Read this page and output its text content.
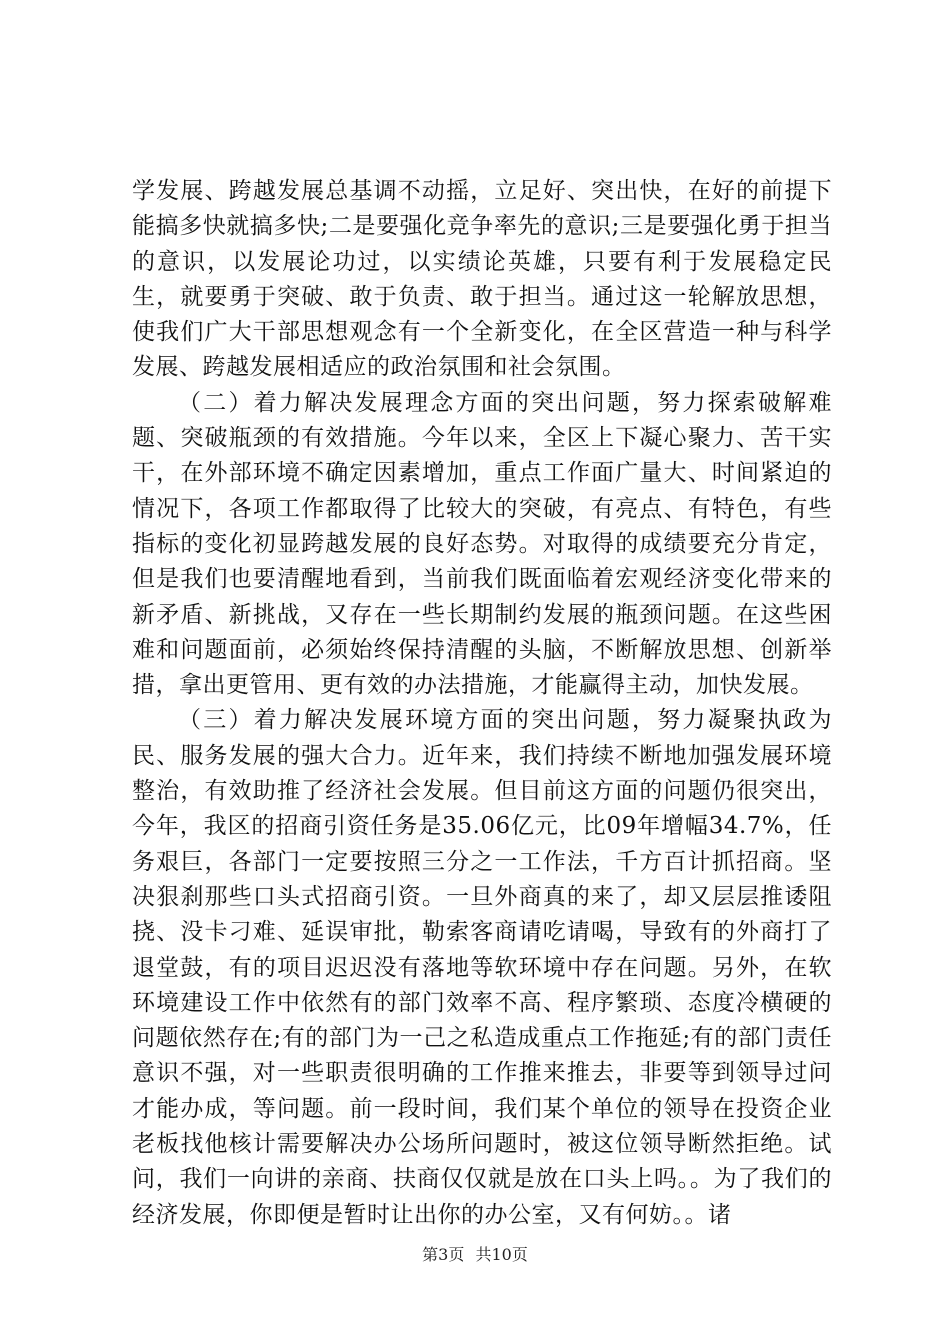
学发展、跨越发展总基调不动摇，立足好、突出快，在好的前提下能搞多快就搞多快;二是要强化竞争率先的意识;三是要强化勇于担当的意识，以发展论功过，以实绩论英雄，只要有利于发展稳定民生，就要勇于突破、敢于负责、敢于担当。通过这一轮解放思想，使我们广大干部思想观念有一个全新变化，在全区营造一种与科学发展、跨越发展相适应的政治氛围和社会氛围。

（二）着力解决发展理念方面的突出问题，努力探索破解难题、突破瓶颈的有效措施。今年以来，全区上下凝心聚力、苦干实干，在外部环境不确定因素增加，重点工作面广量大、时间紧迫的情况下，各项工作都取得了比较大的突破，有亮点、有特色，有些指标的变化初显跨越发展的良好态势。对取得的成绩要充分肯定，但是我们也要清醒地看到，当前我们既面临着宏观经济变化带来的新矛盾、新挑战，又存在一些长期制约发展的瓶颈问题。在这些困难和问题面前，必须始终保持清醒的头脑，不断解放思想、创新举措，拿出更管用、更有效的办法措施，才能赢得主动，加快发展。

（三）着力解决发展环境方面的突出问题，努力凝聚执政为民、服务发展的强大合力。近年来，我们持续不断地加强发展环境整治，有效助推了经济社会发展。但目前这方面的问题仍很突出，今年，我区的招商引资任务是35.06亿元，比09年增幅34.7%，任务艰巨，各部门一定要按照三分之一工作法，千方百计抓招商。坚决狠刹那些口头式招商引资。一旦外商真的来了，却又层层推诿阻挠、没卡刁难、延误审批，勒索客商请吃请喝，导致有的外商打了退堂鼓，有的项目迟迟没有落地等软环境中存在问题。另外，在软环境建设工作中依然有的部门效率不高、程序繁琐、态度冷横硬的问题依然存在;有的部门为一己之私造成重点工作拖延;有的部门责任意识不强，对一些职责很明确的工作推来推去，非要等到领导过问才能办成，等问题。前一段时间，我们某个单位的领导在投资企业老板找他核计需要解决办公场所问题时，被这位领导断然拒绝。试问，我们一向讲的亲商、扶商仅仅就是放在口头上吗。。为了我们的经济发展，你即便是暂时让出你的办公室，又有何妨。。诸

第3页 共10页
